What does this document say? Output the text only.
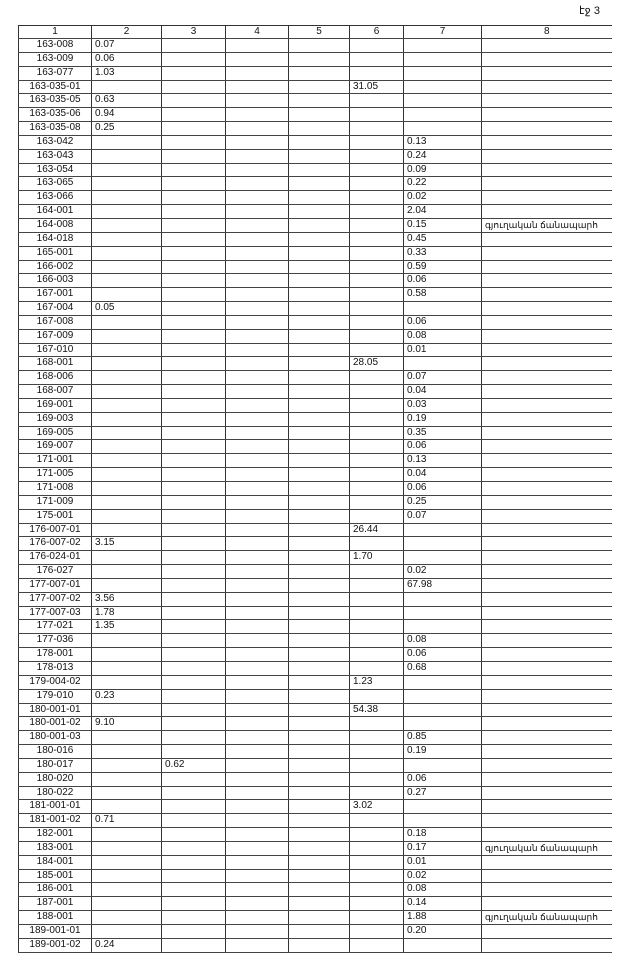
էջ 3
1	2	3	4	5	6	7	8
163-008	0.07						
163-009	0.06						
163-077	1.03						
163-035-01					31.05		
163-035-05	0.63						
163-035-06	0.94						
163-035-08	0.25						
163-042						0.13	
163-043						0.24	
163-054						0.09	
163-065						0.22	
163-066						0.02	
164-001						2.04	
164-008						0.15	գյուղական ճանապարհ
164-018						0.45	
165-001						0.33	
166-002						0.59	
166-003						0.06	
167-001						0.58	
167-004	0.05						
167-008						0.06	
167-009						0.08	
167-010						0.01	
168-001					28.05		
168-006						0.07	
168-007						0.04	
169-001						0.03	
169-003						0.19	
169-005						0.35	
169-007						0.06	
171-001						0.13	
171-005						0.04	
171-008						0.06	
171-009						0.25	
175-001						0.07	
176-007-01					26.44		
176-007-02	3.15						
176-024-01					1.70		
176-027						0.02	
177-007-01						67.98	
177-007-02	3.56						
177-007-03	1.78						
177-021	1.35						
177-036						0.08	
178-001						0.06	
178-013						0.68	
179-004-02					1.23		
179-010	0.23						
180-001-01					54.38		
180-001-02	9.10						
180-001-03						0.85	
180-016						0.19	
180-017		0.62					
180-020						0.06	
180-022						0.27	
181-001-01					3.02		
181-001-02	0.71						
182-001						0.18	
183-001						0.17	գյուղական ճանապարհ
184-001						0.01	
185-001						0.02	
186-001						0.08	
187-001						0.14	
188-001						1.88	գյուղական ճանապարհ
189-001-01						0.20	
189-001-02	0.24						
